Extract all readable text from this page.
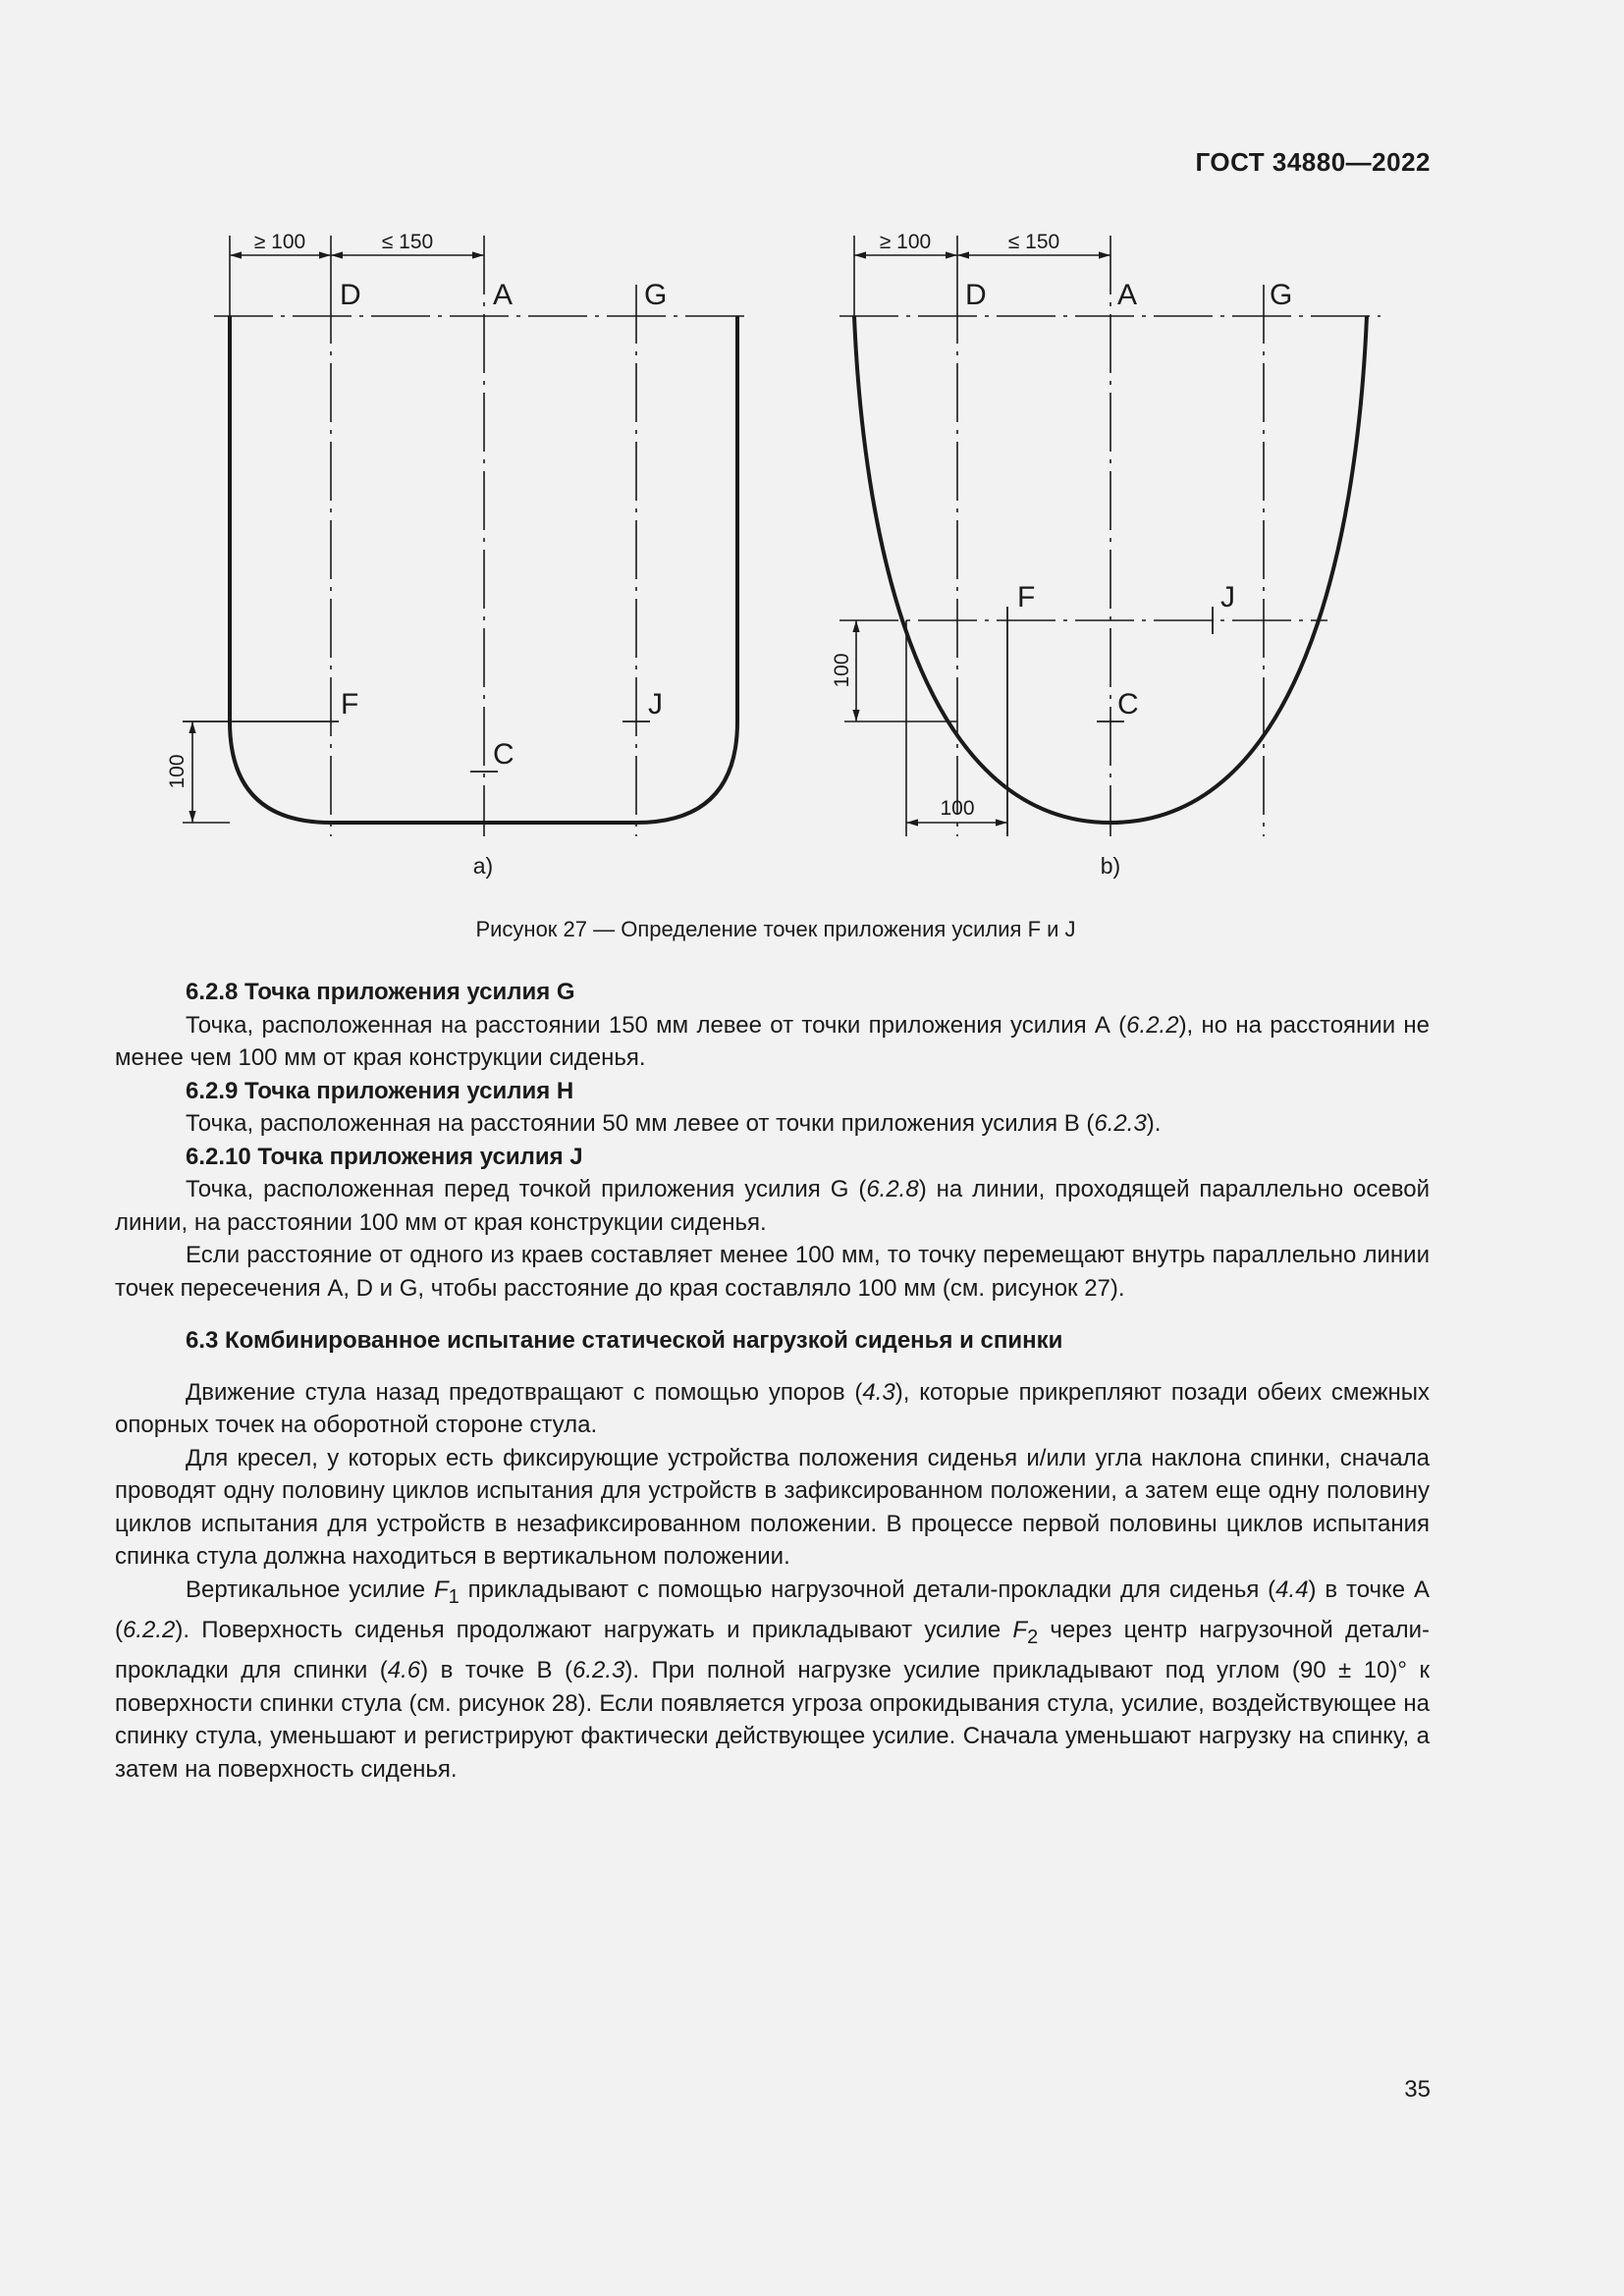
ГОСТ 34880—2022
≥ 100	≤ 150
D	A	G
F	J
C
100
a)
≥ 100	≤ 150
D	A	G
F	J
C
100
100
b)
Рисунок 27 — Определение точек приложения усилия F и J
6.2.8 Точка приложения усилия G

Точка, расположенная на расстоянии 150 мм левее от точки приложения усилия А (6.2.2), но на расстоянии не менее чем 100 мм от края конструкции сиденья.

6.2.9 Точка приложения усилия H

Точка, расположенная на расстоянии 50 мм левее от точки приложения усилия В (6.2.3).

6.2.10 Точка приложения усилия J

Точка, расположенная перед точкой приложения усилия G (6.2.8) на линии, проходящей параллельно осевой линии, на расстоянии 100 мм от края конструкции сиденья.

Если расстояние от одного из краев составляет менее 100 мм, то точку перемещают внутрь параллельно линии точек пересечения А, D и G, чтобы расстояние до края составляло 100 мм (см. рисунок 27).

6.3 Комбинированное испытание статической нагрузкой сиденья и спинки

Движение стула назад предотвращают с помощью упоров (4.3), которые прикрепляют позади обеих смежных опорных точек на оборотной стороне стула.

Для кресел, у которых есть фиксирующие устройства положения сиденья и/или угла наклона спинки, сначала проводят одну половину циклов испытания для устройств в зафиксированном положении, а затем еще одну половину циклов испытания для устройств в незафиксированном положении. В процессе первой половины циклов испытания спинка стула должна находиться в вертикальном положении.

Вертикальное усилие $F_1$ прикладывают с помощью нагрузочной детали-прокладки для сиденья (4.4) в точке А (6.2.2). Поверхность сиденья продолжают нагружать и прикладывают усилие $F_2$ через центр нагрузочной детали-прокладки для спинки (4.6) в точке В (6.2.3). При полной нагрузке усилие прикладывают под углом (90 ± 10)° к поверхности спинки стула (см. рисунок 28). Если появляется угроза опрокидывания стула, усилие, воздействующее на спинку стула, уменьшают и регистрируют фактически действующее усилие. Сначала уменьшают нагрузку на спинку, а затем на поверхность сиденья.

35
